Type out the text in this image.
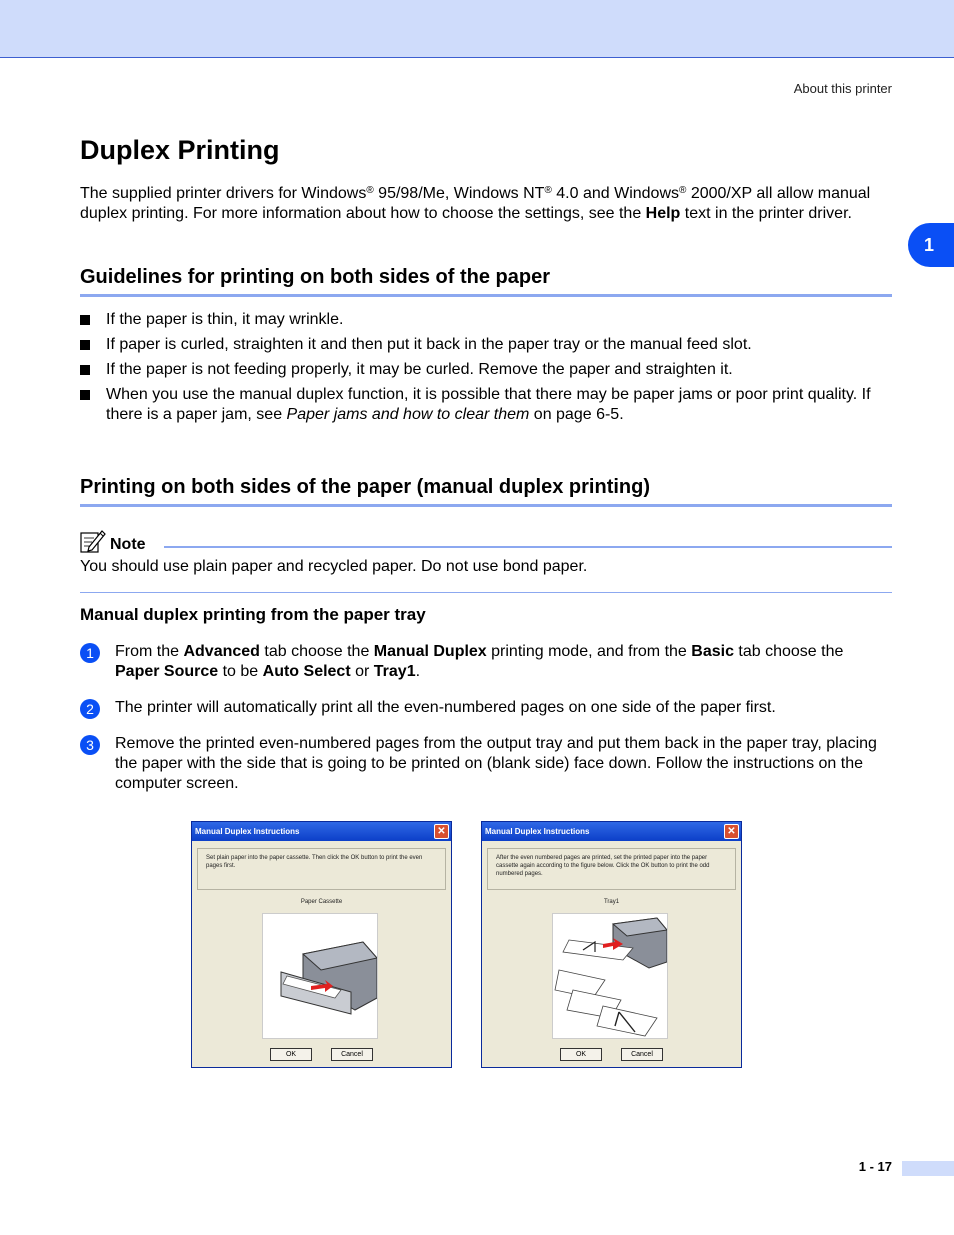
About this printer
1
Duplex Printing

The supplied printer drivers for Windows® 95/98/Me, Windows NT® 4.0 and Windows® 2000/XP all allow manual duplex printing. For more information about how to choose the settings, see the Help text in the printer driver.

Guidelines for printing on both sides of the paper
If the paper is thin, it may wrinkle.
If paper is curled, straighten it and then put it back in the paper tray or the manual feed slot.
If the paper is not feeding properly, it may be curled. Remove the paper and straighten it.
When you use the manual duplex function, it is possible that there may be paper jams or poor print quality. If there is a paper jam, see Paper jams and how to clear them on page 6-5.
Printing on both sides of the paper (manual duplex printing)
Note
You should use plain paper and recycled paper. Do not use bond paper.
Manual duplex printing from the paper tray
1	From the Advanced tab choose the Manual Duplex printing mode, and from the Basic tab choose the Paper Source to be Auto Select or Tray1.
2	The printer will automatically print all the even-numbered pages on one side of the paper first.
3	Remove the printed even-numbered pages from the output tray and put them back in the paper tray, placing the paper with the side that is going to be printed on (blank side) face down. Follow the instructions on the computer screen.
Manual Duplex Instructions	✕
Set plain paper into the paper cassette. Then click the OK button to print the even pages first.
Paper Cassette
OK	Cancel
Manual Duplex Instructions	✕
After the even numbered pages are printed, set the printed paper into the paper cassette again according to the figure below. Click the OK button to print the odd numbered pages.
Tray1
OK	Cancel
1 - 17
